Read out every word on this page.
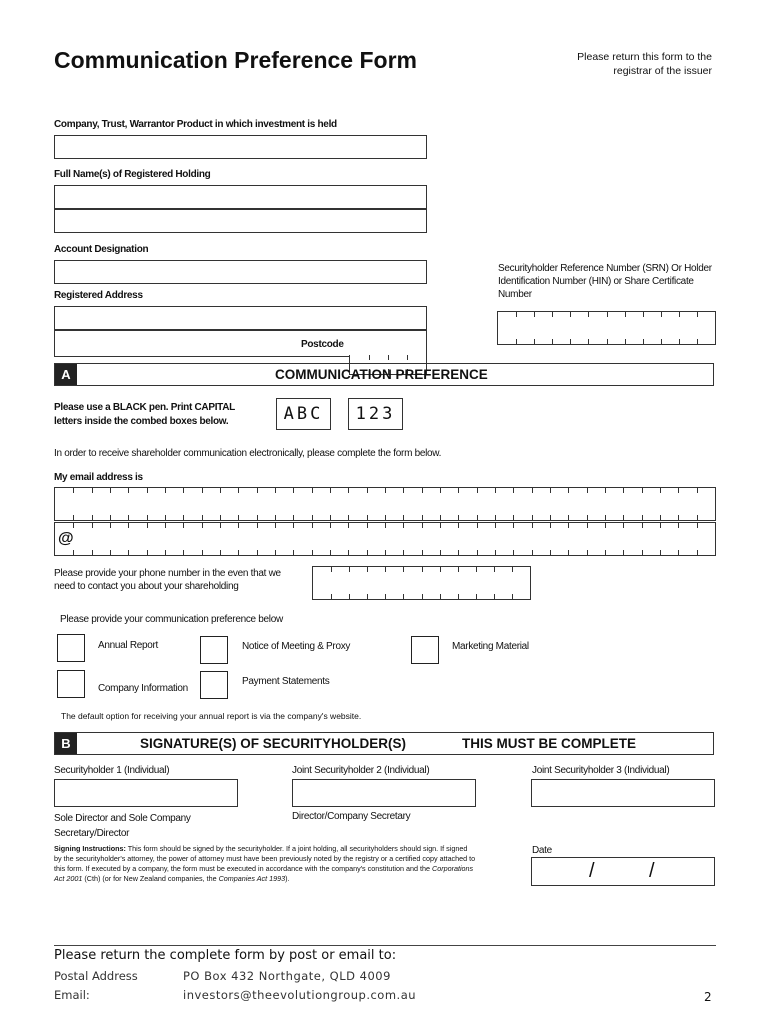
Communication Preference Form	Please return this form to the registrar of the issuer
Company, Trust, Warrantor Product in which investment is held
Full Name(s) of Registered Holding
Account Designation
Securityholder Reference Number (SRN) Or Holder Identification Number (HIN) or Share Certificate Number
Registered Address
Postcode
A	COMMUNICATION PREFERENCE
Please use a BLACK pen. Print CAPITAL letters inside the combed boxes below.	ABC	123
In order to receive shareholder communication electronically, please complete the form below.
My email address is
@
Please provide your phone number in the even that we need to contact you about your shareholding
Please provide your communication preference below
Annual Report	Notice of Meeting & Proxy	Marketing Material
Company Information
Payment Statements
The default option for receiving your annual report is via the company's website.
B	SIGNATURE(S) OF SECURITYHOLDER(S)	THIS MUST BE COMPLETE
Securityholder 1 (Individual)	Joint Securityholder 2 (Individual)	Joint Securityholder 3 (Individual)
Sole Director and Sole Company Secretary/Director
Director/Company Secretary
Signing Instructions: This form should be signed by the securityholder. If a joint holding, all securityholders should sign. If signed by the securityholder's attorney, the power of attorney must have been previously noted by the registry or a certified copy attached to this form. If executed by a company, the form must be executed in accordance with the company's constitution and the Corporations Act 2001 (Cth) (or for New Zealand companies, the Companies Act 1993).
Date
/	/
Please return the complete form by post or email to:
Postal Address	PO Box 432 Northgate, QLD 4009
Email:	investors@theevolutiongroup.com.au	2
